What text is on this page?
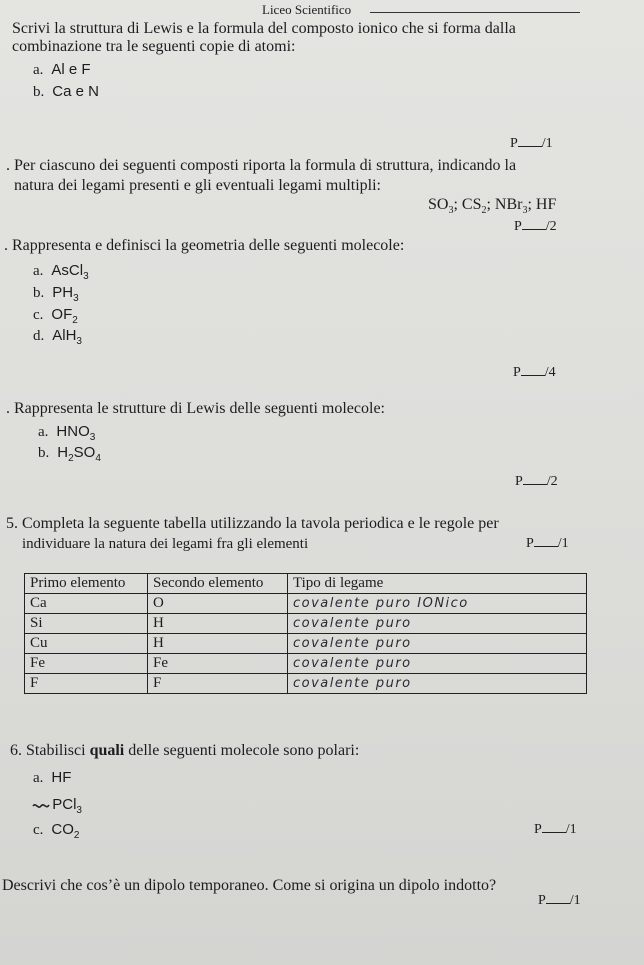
Liceo Scientifico
Scrivi la struttura di Lewis e la formula del composto ionico che si forma dalla
combinazione tra le seguenti copie di atomi:
a. Al e F
b. Ca e N
P /1
. Per ciascuno dei seguenti composti riporta la formula di struttura, indicando la
natura dei legami presenti e gli eventuali legami multipli:
$SO_3$; $CS_2$; NBr$_3$; HF
P /2
. Rappresenta e definisci la geometria delle seguenti molecole:
a. AsCl$_3$
b. $PH_3$
c. $OF_2$
d. AlH$_3$
P /4
. Rappresenta le strutture di Lewis delle seguenti molecole:
a. $HNO_3$
b. $H_2SO_4$
P /2
5. Completa la seguente tabella utilizzando la tavola periodica e le regole per
individuare la natura dei legami fra gli elementi	P /1
Primo elemento	Secondo elemento	Tipo di legame
Ca	O	covalente puro IONico
Si	H	covalente puro
Cu	H	covalente puro
Fe	Fe	covalente puro
F	F	covalente puro
6. Stabilisci quali delle seguenti molecole sono polari:
a. HF
PCl$_3$
c. $CO_2$	P /1
Descrivi che cos’è un dipolo temporaneo. Come si origina un dipolo indotto?
P /1
